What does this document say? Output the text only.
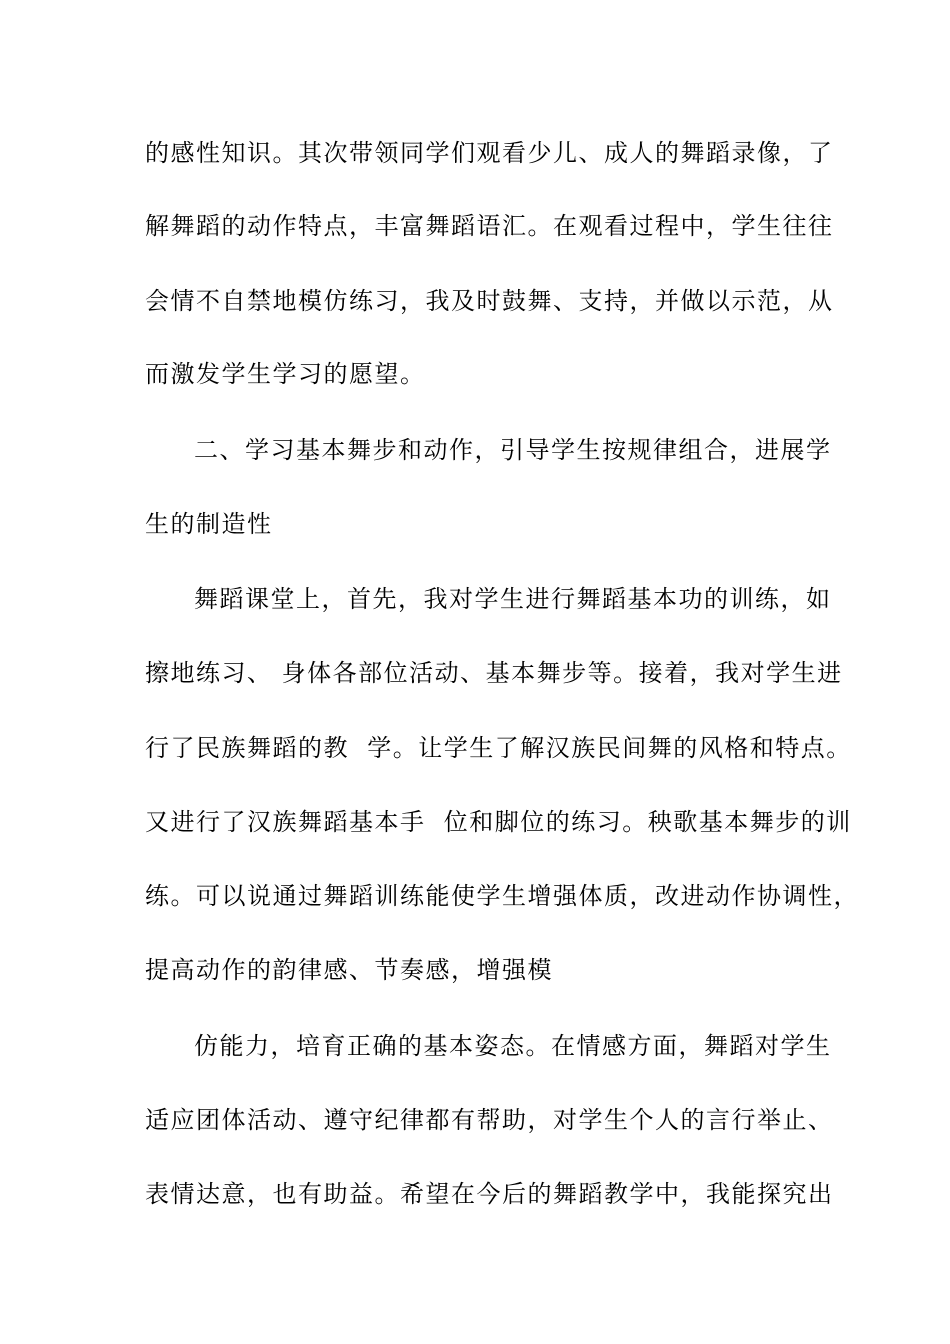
的感性知识。其次带领同学们观看少儿、成人的舞蹈录像，了
解舞蹈的动作特点，丰富舞蹈语汇。在观看过程中，学生往往
会情不自禁地模仿练习，我及时鼓舞、支持，并做以示范，从
而激发学生学习的愿望。
二、学习基本舞步和动作，引导学生按规律组合，进展学
生的制造性
舞蹈课堂上，首先，我对学生进行舞蹈基本功的训练，如
擦地练习、 身体各部位活动、基本舞步等。接着，我对学生进
行了民族舞蹈的教  学。让学生了解汉族民间舞的风格和特点。
又进行了汉族舞蹈基本手  位和脚位的练习。秧歌基本舞步的训
练。可以说通过舞蹈训练能使学生增强体质，改进动作协调性，
提高动作的韵律感、节奏感，增强模
仿能力，培育正确的基本姿态。在情感方面，舞蹈对学生
适应团体活动、遵守纪律都有帮助，对学生个人的言行举止、
表情达意，也有助益。希望在今后的舞蹈教学中，我能探究出
